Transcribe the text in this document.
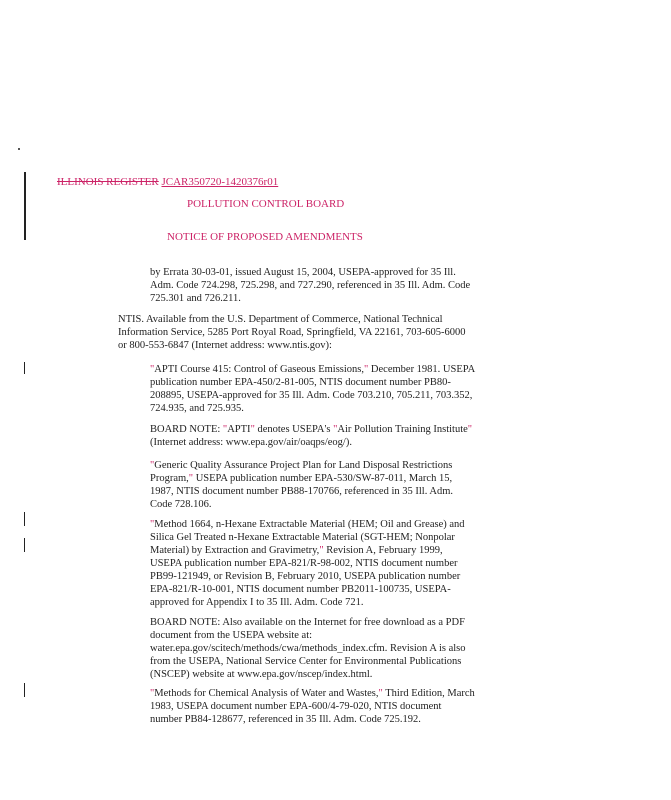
ILLINOIS REGISTER JCAR350720-1420376r01
POLLUTION CONTROL BOARD
NOTICE OF PROPOSED AMENDMENTS

by Errata 30-03-01, issued August 15, 2004, USEPA-approved for 35 Ill. Adm. Code 724.298, 725.298, and 727.290, referenced in 35 Ill. Adm. Code 725.301 and 726.211.

NTIS. Available from the U.S. Department of Commerce, National Technical Information Service, 5285 Port Royal Road, Springfield, VA 22161, 703-605-6000 or 800-553-6847 (Internet address: www.ntis.gov):

"APTI Course 415: Control of Gaseous Emissions," December 1981. USEPA publication number EPA-450/2-81-005, NTIS document number PB80-208895, USEPA-approved for 35 Ill. Adm. Code 703.210, 705.211, 703.352, 724.935, and 725.935.

BOARD NOTE: "APTI" denotes USEPA's "Air Pollution Training Institute" (Internet address: www.epa.gov/air/oaqps/eog/).

"Generic Quality Assurance Project Plan for Land Disposal Restrictions Program," USEPA publication number EPA-530/SW-87-011, March 15, 1987, NTIS document number PB88-170766, referenced in 35 Ill. Adm. Code 728.106.

"Method 1664, n-Hexane Extractable Material (HEM; Oil and Grease) and Silica Gel Treated n-Hexane Extractable Material (SGT-HEM; Nonpolar Material) by Extraction and Gravimetry," Revision A, February 1999, USEPA publication number EPA-821/R-98-002, NTIS document number PB99-121949, or Revision B, February 2010, USEPA publication number EPA-821/R-10-001, NTIS document number PB2011-100735, USEPA-approved for Appendix I to 35 Ill. Adm. Code 721.

BOARD NOTE: Also available on the Internet for free download as a PDF document from the USEPA website at: water.epa.gov/scitech/methods/cwa/methods_index.cfm. Revision A is also from the USEPA, National Service Center for Environmental Publications (NSCEP) website at www.epa.gov/nscep/index.html.

"Methods for Chemical Analysis of Water and Wastes," Third Edition, March 1983, USEPA document number EPA-600/4-79-020, NTIS document number PB84-128677, referenced in 35 Ill. Adm. Code 725.192.
